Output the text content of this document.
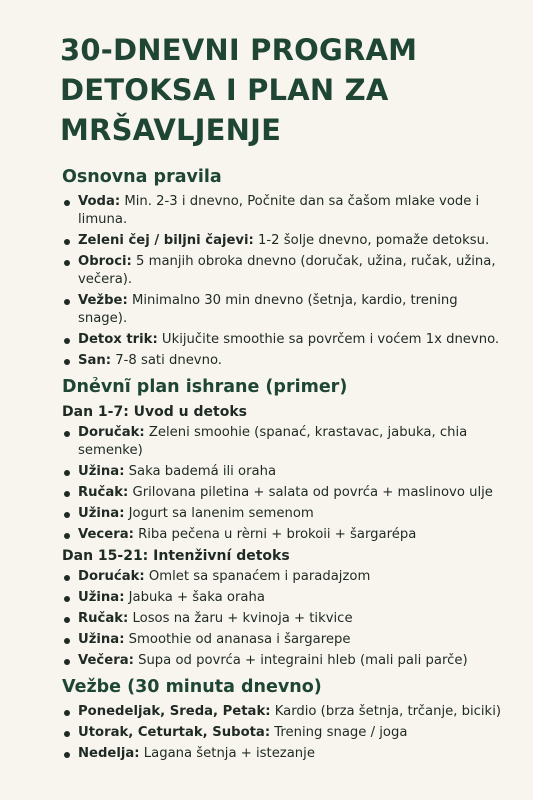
30-DNEVNI PROGRAM
DETOKSA I PLAN ZA
MRŠAVLJENJE
Osnovna pravila
Voda: Min. 2-3 i dnevno, Počnite dan sa čašom mlake vode i limuna.
Zeleni čej / biljni čajevi: 1-2 šolje dnevno, pomaže detoksu.
Obroci: 5 manjih obroka dnevno (doručak, užina, ručak, užina, večera).
Vežbe: Minimalno 30 min dnevno (šetnja, kardio, trening snage).
Detox trik: Ukijučite smoothie sa povrčem i voćem 1x dnevno.
San: 7-8 sati dnevno.
Dnẻvnĩ plan ishrane (primer)
Dan 1-7: Uvod u detoks
Doručak: Zeleni smoohie (spanać, krastavac, jabuka, chia semenke)
Užina: Saka bademá ili oraha
Ručak: Grilovana piletina + salata od povrća + maslinovo ulje
Užina: Jogurt sa lanenim semenom
Vecera: Riba pečena u rèrni + brokoii + šargarépa
Dan 15-21: Intenživní detoks
Dorućak: Omlet sa spanaćem i paradajzom
Užina: Jabuka + šaka oraha
Ručak: Losos na žaru + kvinoja + tikvice
Užina: Smoothie od ananasa i šargarepe
Večera: Supa od povrća + integraini hleb (mali pali parče)
Vežbe (30 minuta dnevno)
Ponedeljak, Sreda, Petak: Kardio (brza šetnja, trčanje, biciki)
Utorak, Ceturtak, Subota: Trening snage / joga
Nedelja: Lagana šetnja + istezanje
